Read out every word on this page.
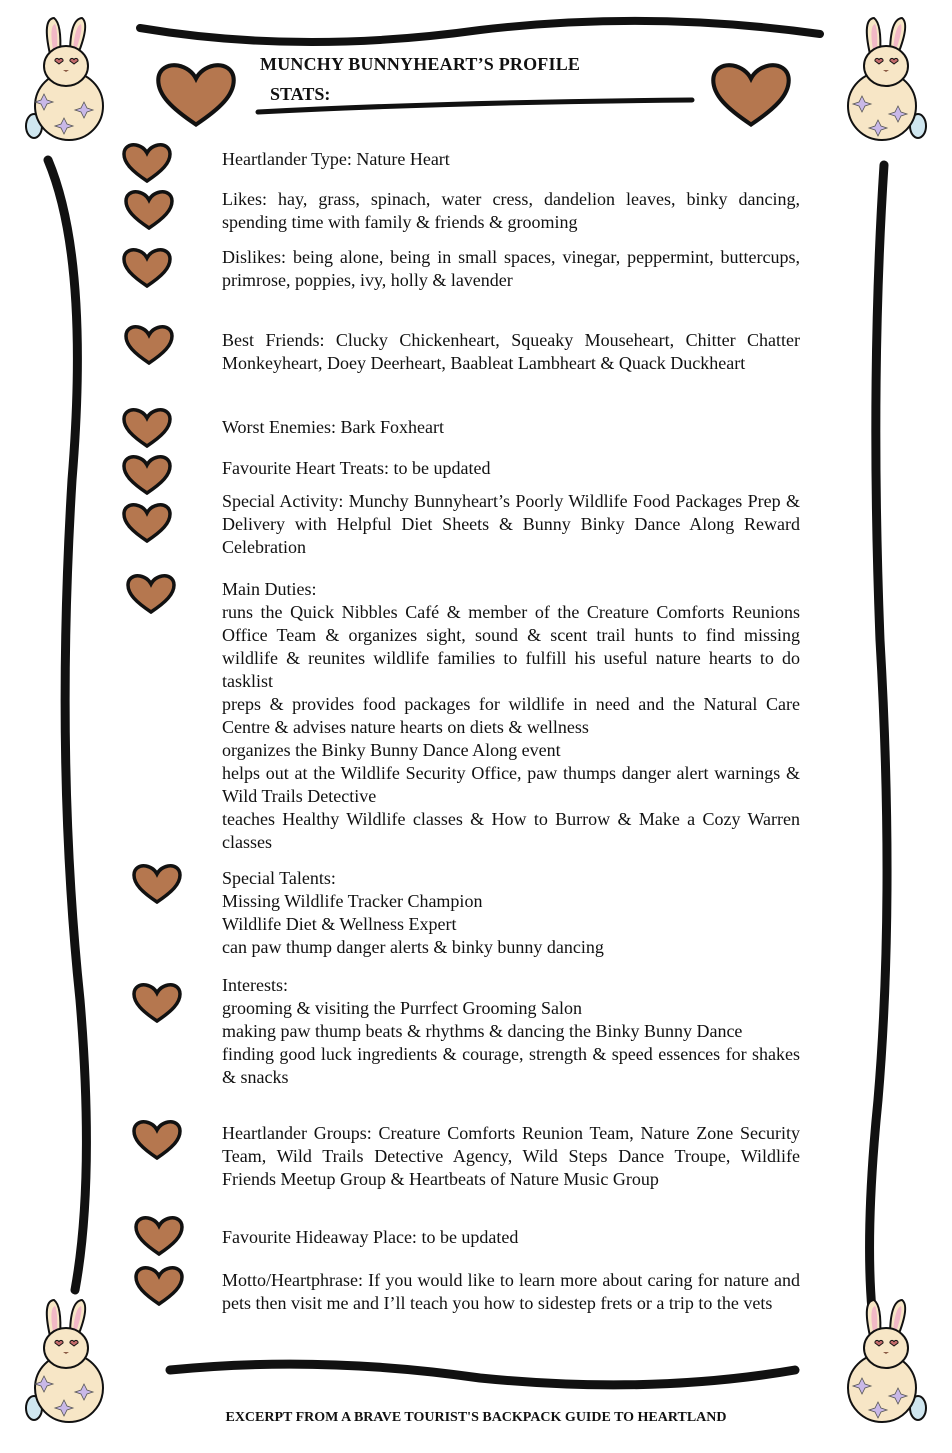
MUNCHY BUNNYHEART’S PROFILE
STATS:
Heartlander Type: Nature Heart
Likes: hay, grass, spinach, water cress, dandelion leaves, binky dancing, spending time with family & friends & grooming
Dislikes: being alone, being in small spaces, vinegar, peppermint, buttercups, primrose, poppies, ivy, holly & lavender
Best Friends: Clucky Chickenheart, Squeaky Mouseheart, Chitter Chatter Monkeyheart, Doey Deerheart, Baableat Lambheart & Quack Duckheart
Worst Enemies: Bark Foxheart
Favourite Heart Treats: to be updated
Special Activity: Munchy Bunnyheart’s Poorly Wildlife Food Packages Prep & Delivery with Helpful Diet Sheets & Bunny Binky Dance Along Reward Celebration

Main Duties:

runs the Quick Nibbles Café & member of the Creature Comforts Reunions Office Team & organizes sight, sound & scent trail hunts to find missing wildlife & reunites wildlife families to fulfill his useful nature hearts to do tasklist

preps & provides food packages for wildlife in need and the Natural Care Centre & advises nature hearts on diets & wellness

organizes the Binky Bunny Dance Along event

helps out at the Wildlife Security Office, paw thumps danger alert warnings & Wild Trails Detective

teaches Healthy Wildlife classes & How to Burrow & Make a Cozy Warren classes

Special Talents:

Missing Wildlife Tracker Champion

Wildlife Diet & Wellness Expert

can paw thump danger alerts & binky bunny dancing

Interests:

grooming & visiting the Purrfect Grooming Salon

making paw thump beats & rhythms & dancing the Binky Bunny Dance

finding good luck ingredients & courage, strength & speed essences for shakes & snacks

Heartlander Groups: Creature Comforts Reunion Team, Nature Zone Security Team, Wild Trails Detective Agency, Wild Steps Dance Troupe, Wildlife Friends Meetup Group & Heartbeats of Nature Music Group
Favourite Hideaway Place: to be updated
Motto/Heartphrase: If you would like to learn more about caring for nature and pets then visit me and I’ll teach you how to sidestep frets or a trip to the vets
EXCERPT FROM A BRAVE TOURIST'S BACKPACK GUIDE TO HEARTLAND
